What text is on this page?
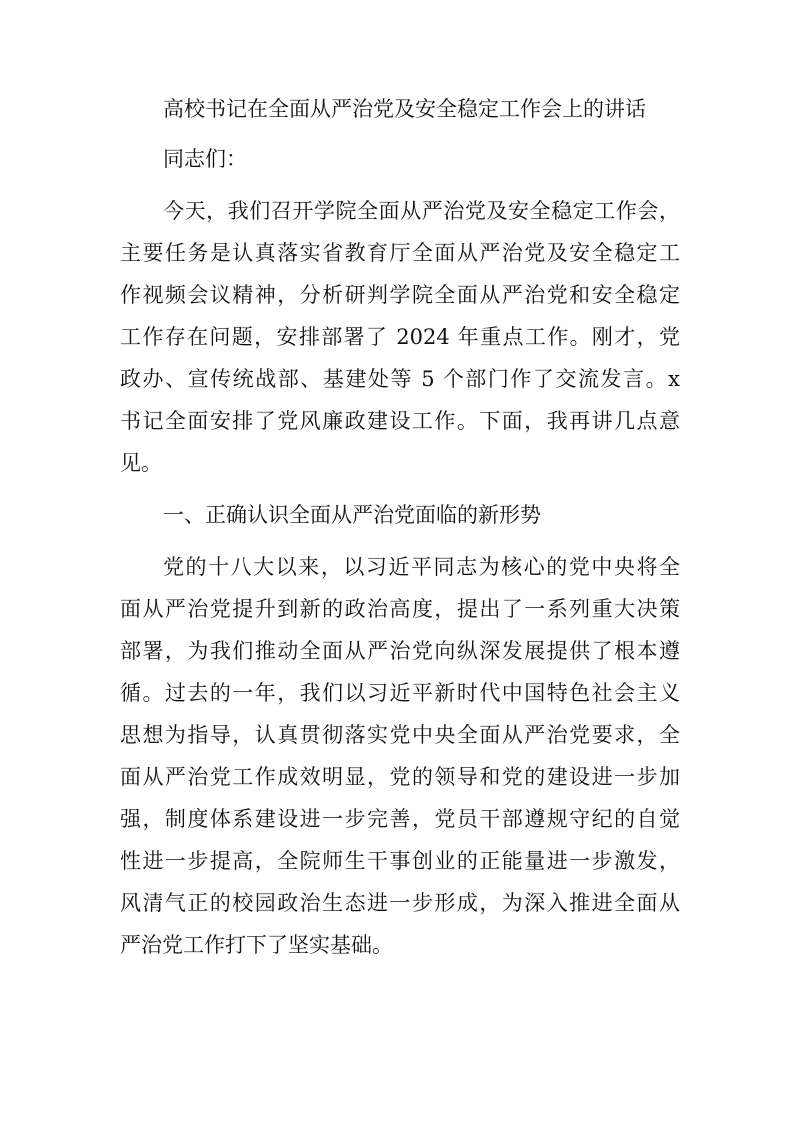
高校书记在全面从严治党及安全稳定工作会上的讲话
同志们：
今天，我们召开学院全面从严治党及安全稳定工作会，
主要任务是认真落实省教育厅全面从严治党及安全稳定工
作视频会议精神，分析研判学院全面从严治党和安全稳定
工作存在问题，安排部署了 2024 年重点工作。刚才，党
政办、宣传统战部、基建处等 5 个部门作了交流发言。x
书记全面安排了党风廉政建设工作。下面，我再讲几点意
见。
一、正确认识全面从严治党面临的新形势
党的十八大以来，以习近平同志为核心的党中央将全
面从严治党提升到新的政治高度，提出了一系列重大决策
部署，为我们推动全面从严治党向纵深发展提供了根本遵
循。过去的一年，我们以习近平新时代中国特色社会主义
思想为指导，认真贯彻落实党中央全面从严治党要求，全
面从严治党工作成效明显，党的领导和党的建设进一步加
强，制度体系建设进一步完善，党员干部遵规守纪的自觉
性进一步提高，全院师生干事创业的正能量进一步激发，
风清气正的校园政治生态进一步形成，为深入推进全面从
严治党工作打下了坚实基础。
